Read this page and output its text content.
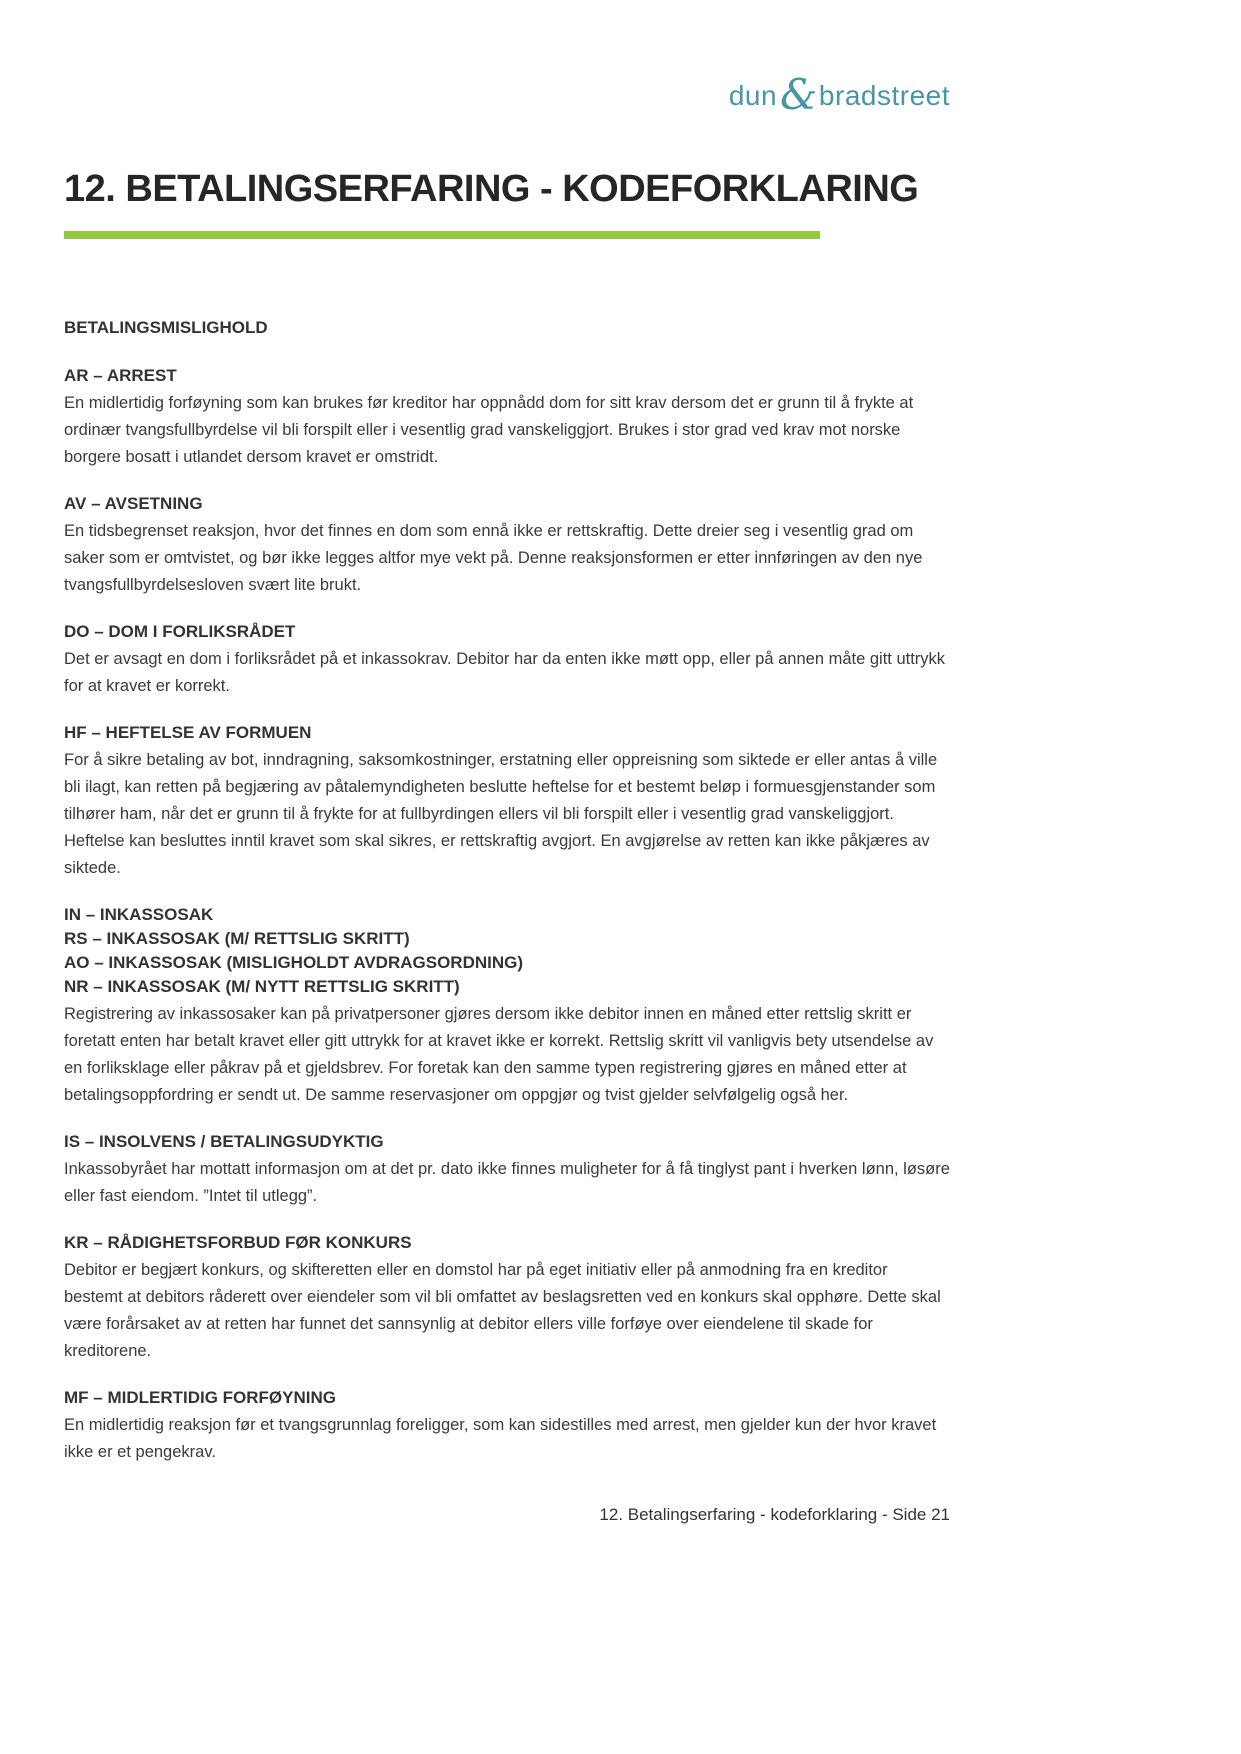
dun & bradstreet
12. BETALINGSERFARING - KODEFORKLARING
BETALINGSMISLIGHOLD
AR – ARREST

En midlertidig forføyning som kan brukes før kreditor har oppnådd dom for sitt krav dersom det er grunn til å frykte at ordinær tvangsfullbyrdelse vil bli forspilt eller i vesentlig grad vanskeliggjort. Brukes i stor grad ved krav mot norske borgere bosatt i utlandet dersom kravet er omstridt.

AV – AVSETNING

En tidsbegrenset reaksjon, hvor det finnes en dom som ennå ikke er rettskraftig. Dette dreier seg i vesentlig grad om saker som er omtvistet, og bør ikke legges altfor mye vekt på. Denne reaksjonsformen er etter innføringen av den nye tvangsfullbyrdelsesloven svært lite brukt.

DO – DOM I FORLIKSRÅDET

Det er avsagt en dom i forliksrådet på et inkassokrav. Debitor har da enten ikke møtt opp, eller på annen måte gitt uttrykk for at kravet er korrekt.

HF – HEFTELSE AV FORMUEN

For å sikre betaling av bot, inndragning, saksomkostninger, erstatning eller oppreisning som siktede er eller antas å ville bli ilagt, kan retten på begjæring av påtalemyndigheten beslutte heftelse for et bestemt beløp i formuesgjenstander som tilhører ham, når det er grunn til å frykte for at fullbyrdingen ellers vil bli forspilt eller i vesentlig grad vanskeliggjort. Heftelse kan besluttes inntil kravet som skal sikres, er rettskraftig avgjort. En avgjørelse av retten kan ikke påkjæres av siktede.

IN – INKASSOSAK
RS – INKASSOSAK (M/ RETTSLIG SKRITT)
AO – INKASSOSAK (MISLIGHOLDT AVDRAGSORDNING)
NR – INKASSOSAK (M/ NYTT RETTSLIG SKRITT)

Registrering av inkassosaker kan på privatpersoner gjøres dersom ikke debitor innen en måned etter rettslig skritt er foretatt enten har betalt kravet eller gitt uttrykk for at kravet ikke er korrekt. Rettslig skritt vil vanligvis bety utsendelse av en forliksklage eller påkrav på et gjeldsbrev. For foretak kan den samme typen registrering gjøres en måned etter at betalingsoppfordring er sendt ut. De samme reservasjoner om oppgjør og tvist gjelder selvfølgelig også her.

IS – INSOLVENS / BETALINGSUDYKTIG

Inkassobyrået har mottatt informasjon om at det pr. dato ikke finnes muligheter for å få tinglyst pant i hverken lønn, løsøre eller fast eiendom. ”Intet til utlegg”.

KR – RÅDIGHETSFORBUD FØR KONKURS

Debitor er begjært konkurs, og skifteretten eller en domstol har på eget initiativ eller på anmodning fra en kreditor bestemt at debitors råderett over eiendeler som vil bli omfattet av beslagsretten ved en konkurs skal opphøre. Dette skal være forårsaket av at retten har funnet det sannsynlig at debitor ellers ville forføye over eiendelene til skade for kreditorene.

MF – MIDLERTIDIG FORFØYNING

En midlertidig reaksjon før et tvangsgrunnlag foreligger, som kan sidestilles med arrest, men gjelder kun der hvor kravet ikke er et pengekrav.

12. Betalingserfaring - kodeforklaring - Side 21
